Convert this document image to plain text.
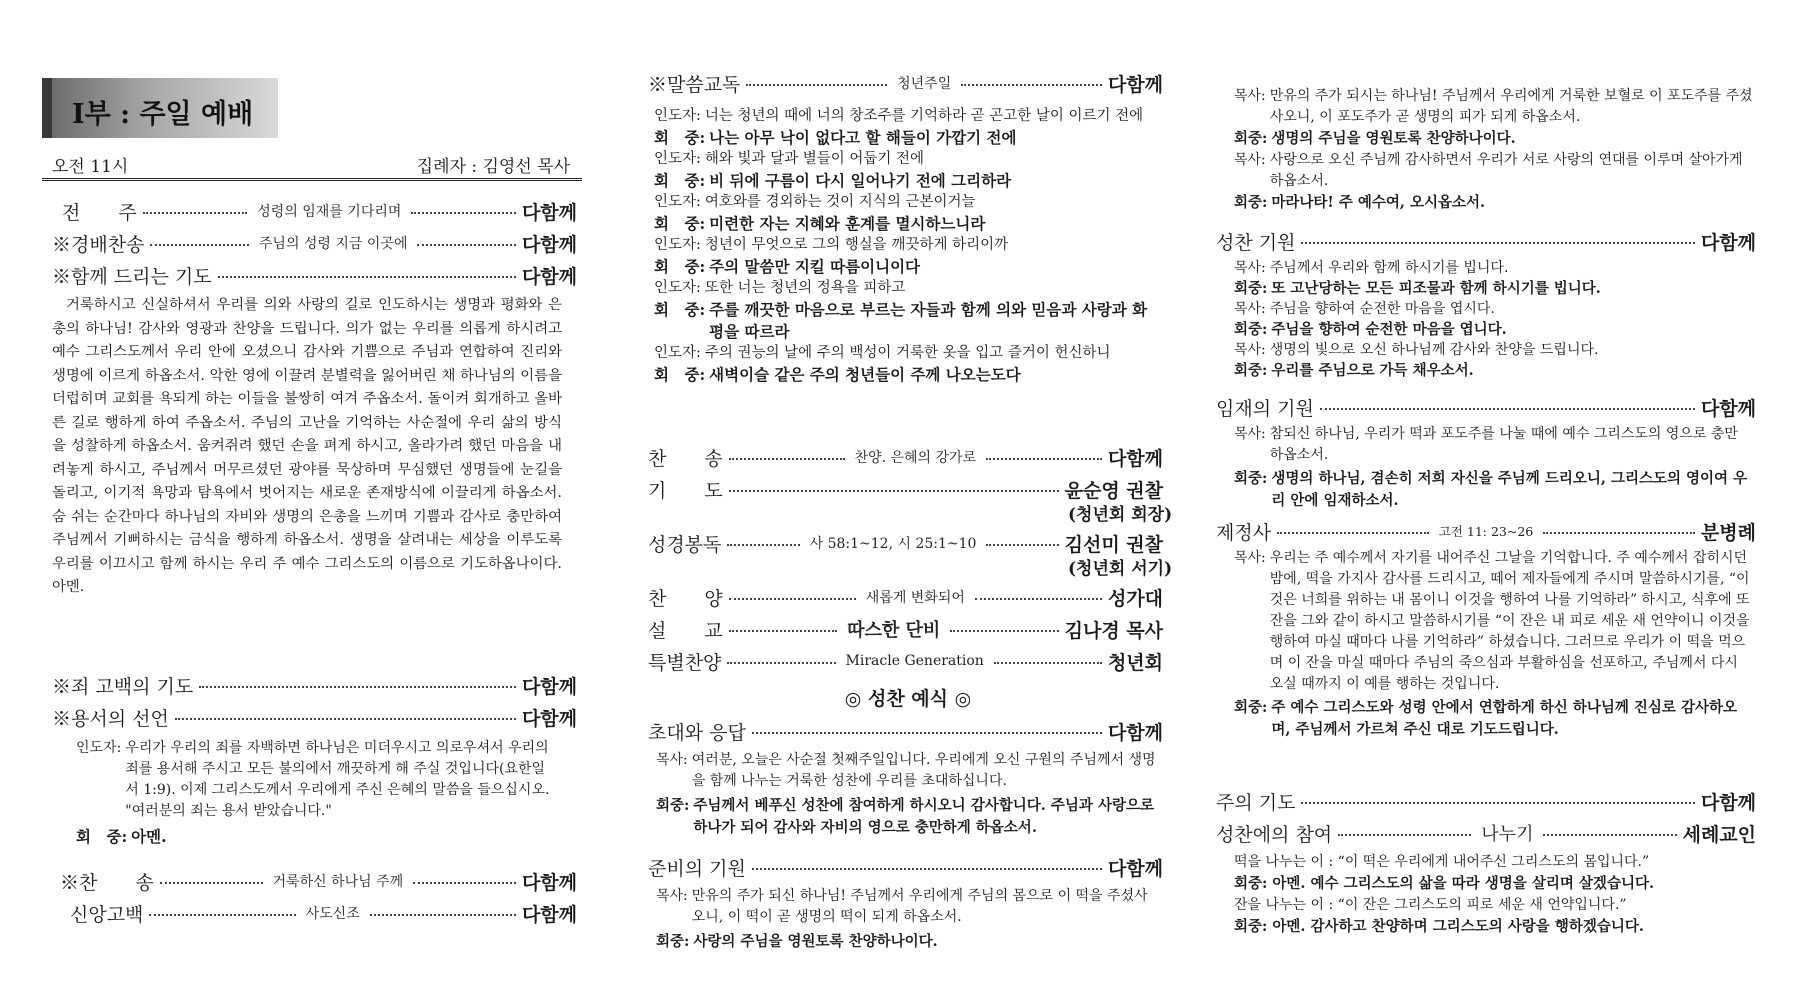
I부 : 주일 예배
오전 11시	집례자 : 김영선 목사
전　　주	성령의 임재를 기다리며	다함께
※경배찬송	주님의 성령 지금 이곳에	다함께
※함께 드리는 기도	다함께
거룩하시고 신실하셔서 우리를 의와 사랑의 길로 인도하시는 생명과 평화와 은총의 하나님! 감사와 영광과 찬양을 드립니다. 의가 없는 우리를 의롭게 하시려고 예수 그리스도께서 우리 안에 오셨으니 감사와 기쁨으로 주님과 연합하여 진리와 생명에 이르게 하옵소서. 악한 영에 이끌려 분별력을 잃어버린 채 하나님의 이름을 더럽히며 교회를 욕되게 하는 이들을 불쌍히 여겨 주옵소서. 돌이켜 회개하고 올바른 길로 행하게 하여 주옵소서. 주님의 고난을 기억하는 사순절에 우리 삶의 방식을 성찰하게 하옵소서. 움켜쥐려 했던 손을 펴게 하시고, 올라가려 했던 마음을 내려놓게 하시고, 주님께서 머무르셨던 광야를 묵상하며 무심했던 생명들에 눈길을 돌리고, 이기적 욕망과 탐욕에서 벗어지는 새로운 존재방식에 이끌리게 하옵소서. 숨 쉬는 순간마다 하나님의 자비와 생명의 은총을 느끼며 기쁨과 감사로 충만하여 주님께서 기뻐하시는 금식을 행하게 하옵소서. 생명을 살려내는 세상을 이루도록 우리를 이끄시고 함께 하시는 우리 주 예수 그리스도의 이름으로 기도하옵나이다. 아멘.
※죄 고백의 기도	다함께
※용서의 선언	다함께
인도자: 우리가 우리의 죄를 자백하면 하나님은 미더우시고 의로우셔서 우리의 죄를 용서해 주시고 모든 불의에서 깨끗하게 해 주실 것입니다(요한일서 1:9). 이제 그리스도께서 우리에게 주신 은혜의 말씀을 들으십시오. "여러분의 죄는 용서 받았습니다."
회　중: 아멘.
※찬　　송	거룩하신 하나님 주께	다함께
신앙고백	사도신조	다함께
※말씀교독	청년주일	다함께
인도자: 너는 청년의 때에 너의 창조주를 기억하라 곧 곤고한 날이 이르기 전에
회　중: 나는 아무 낙이 없다고 할 해들이 가깝기 전에
인도자: 해와 빛과 달과 별들이 어둡기 전에
회　중: 비 뒤에 구름이 다시 일어나기 전에 그리하라
인도자: 여호와를 경외하는 것이 지식의 근본이거늘
회　중: 미련한 자는 지혜와 훈계를 멸시하느니라
인도자: 청년이 무엇으로 그의 행실을 깨끗하게 하리이까
회　중: 주의 말씀만 지킬 따름이니이다
인도자: 또한 너는 청년의 정욕을 피하고
회　중: 주를 깨끗한 마음으로 부르는 자들과 함께 의와 믿음과 사랑과 화평을 따르라
인도자: 주의 권능의 날에 주의 백성이 거룩한 옷을 입고 즐거이 헌신하니
회　중: 새벽이슬 같은 주의 청년들이 주께 나오는도다
찬　　송	찬양. 은혜의 강가로	다함께
기　　도	윤순영 권찰
(청년회 회장)
성경봉독	사 58:1~12, 시 25:1~10	김선미 권찰
(청년회 서기)
찬　　양	새롭게 변화되어	성가대
설　　교	따스한 단비	김나경 목사
특별찬양	Miracle Generation	청년회
◎ 성찬 예식 ◎
초대와 응답	다함께
목사: 여러분, 오늘은 사순절 첫째주일입니다. 우리에게 오신 구원의 주님께서 생명을 함께 나누는 거룩한 성찬에 우리를 초대하십니다.
회중: 주님께서 베푸신 성찬에 참여하게 하시오니 감사합니다. 주님과 사랑으로 하나가 되어 감사와 자비의 영으로 충만하게 하옵소서.
준비의 기원	다함께
목사: 만유의 주가 되신 하나님! 주님께서 우리에게 주님의 몸으로 이 떡을 주셨사오니, 이 떡이 곧 생명의 떡이 되게 하옵소서.
회중: 사랑의 주님을 영원토록 찬양하나이다.
목사: 만유의 주가 되시는 하나님! 주님께서 우리에게 거룩한 보혈로 이 포도주를 주셨사오니, 이 포도주가 곧 생명의 피가 되게 하옵소서.
회중: 생명의 주님을 영원토록 찬양하나이다.
목사: 사랑으로 오신 주님께 감사하면서 우리가 서로 사랑의 연대를 이루며 살아가게 하옵소서.
회중: 마라나타! 주 예수여, 오시옵소서.
성찬 기원	다함께
목사: 주님께서 우리와 함께 하시기를 빕니다.
회중: 또 고난당하는 모든 피조물과 함께 하시기를 빕니다.
목사: 주님을 향하여 순전한 마음을 엽시다.
회중: 주님을 향하여 순전한 마음을 엽니다.
목사: 생명의 빛으로 오신 하나님께 감사와 찬양을 드립니다.
회중: 우리를 주님으로 가득 채우소서.
임재의 기원	다함께
목사: 참되신 하나님, 우리가 떡과 포도주를 나눌 때에 예수 그리스도의 영으로 충만 하옵소서.
회중: 생명의 하나님, 겸손히 저희 자신을 주님께 드리오니, 그리스도의 영이여 우리 안에 임재하소서.
제정사	고전 11: 23~26	분병례
목사: 우리는 주 예수께서 자기를 내어주신 그날을 기억합니다. 주 예수께서 잡히시던 밤에, 떡을 가지사 감사를 드리시고, 떼어 제자들에게 주시며 말씀하시기를, “이것은 너희를 위하는 내 몸이니 이것을 행하여 나를 기억하라” 하시고, 식후에 또 잔을 그와 같이 하시고 말씀하시기를 “이 잔은 내 피로 세운 새 언약이니 이것을 행하여 마실 때마다 나를 기억하라” 하셨습니다. 그러므로 우리가 이 떡을 먹으며 이 잔을 마실 때마다 주님의 죽으심과 부활하심을 선포하고, 주님께서 다시 오실 때까지 이 예를 행하는 것입니다.
회중: 주 예수 그리스도와 성령 안에서 연합하게 하신 하나님께 진심로 감사하오며, 주님께서 가르쳐 주신 대로 기도드립니다.
주의 기도	다함께
성찬에의 참여	나누기	세례교인
떡을 나누는 이 : “이 떡은 우리에게 내어주신 그리스도의 몸입니다.”
회중: 아멘. 예수 그리스도의 삶을 따라 생명을 살리며 살겠습니다.
잔을 나누는 이 : “이 잔은 그리스도의 피로 세운 새 언약입니다.”
회중: 아멘. 감사하고 찬양하며 그리스도의 사랑을 행하겠습니다.
